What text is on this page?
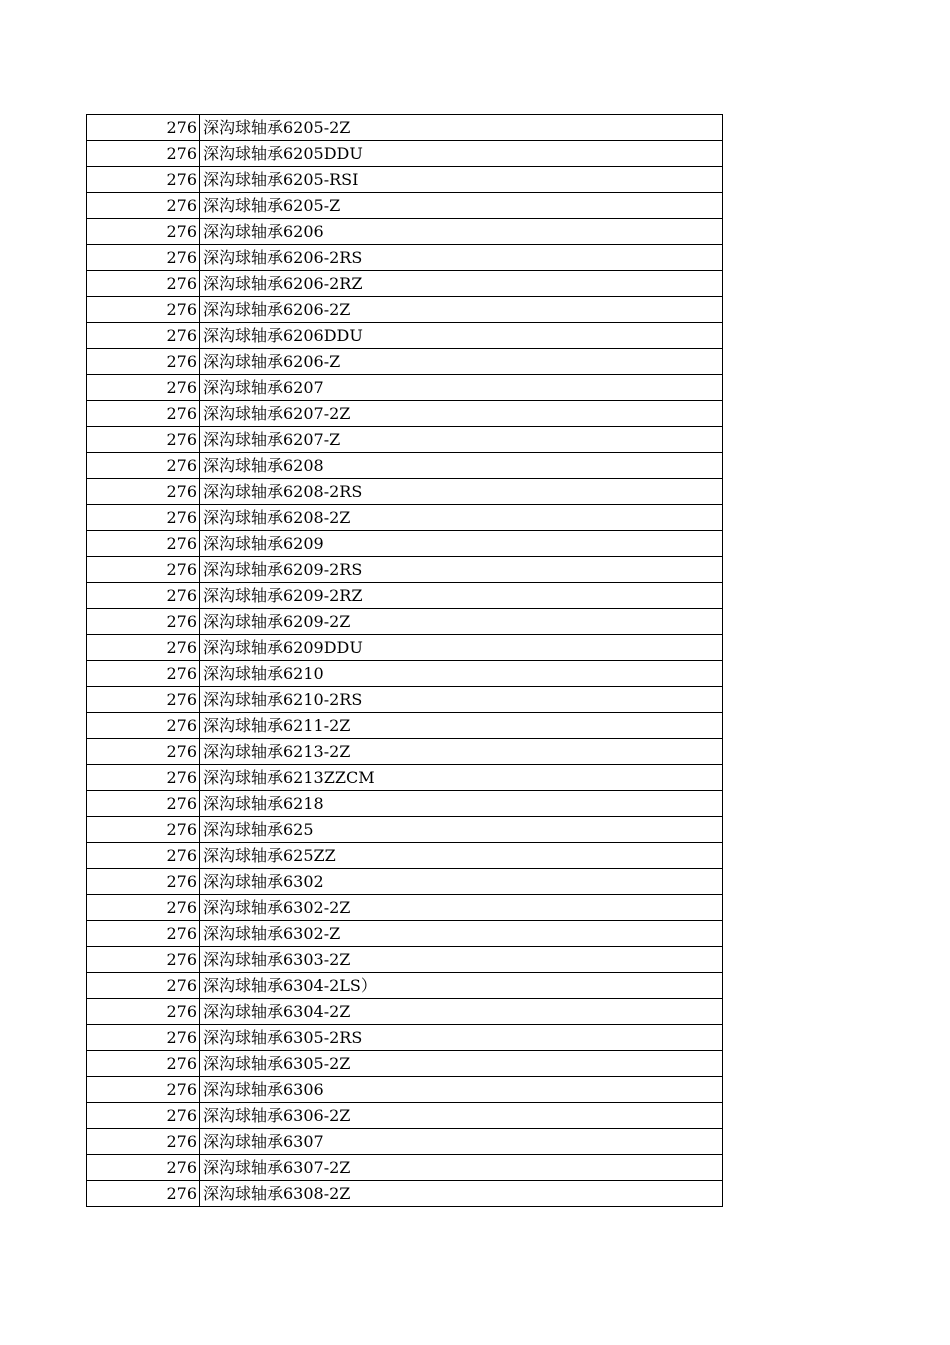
276	深沟球轴承6205-2Z
276	深沟球轴承6205DDU
276	深沟球轴承6205-RSI
276	深沟球轴承6205-Z
276	深沟球轴承6206
276	深沟球轴承6206-2RS
276	深沟球轴承6206-2RZ
276	深沟球轴承6206-2Z
276	深沟球轴承6206DDU
276	深沟球轴承6206-Z
276	深沟球轴承6207
276	深沟球轴承6207-2Z
276	深沟球轴承6207-Z
276	深沟球轴承6208
276	深沟球轴承6208-2RS
276	深沟球轴承6208-2Z
276	深沟球轴承6209
276	深沟球轴承6209-2RS
276	深沟球轴承6209-2RZ
276	深沟球轴承6209-2Z
276	深沟球轴承6209DDU
276	深沟球轴承6210
276	深沟球轴承6210-2RS
276	深沟球轴承6211-2Z
276	深沟球轴承6213-2Z
276	深沟球轴承6213ZZCM
276	深沟球轴承6218
276	深沟球轴承625
276	深沟球轴承625ZZ
276	深沟球轴承6302
276	深沟球轴承6302-2Z
276	深沟球轴承6302-Z
276	深沟球轴承6303-2Z
276	深沟球轴承6304-2LS）
276	深沟球轴承6304-2Z
276	深沟球轴承6305-2RS
276	深沟球轴承6305-2Z
276	深沟球轴承6306
276	深沟球轴承6306-2Z
276	深沟球轴承6307
276	深沟球轴承6307-2Z
276	深沟球轴承6308-2Z
